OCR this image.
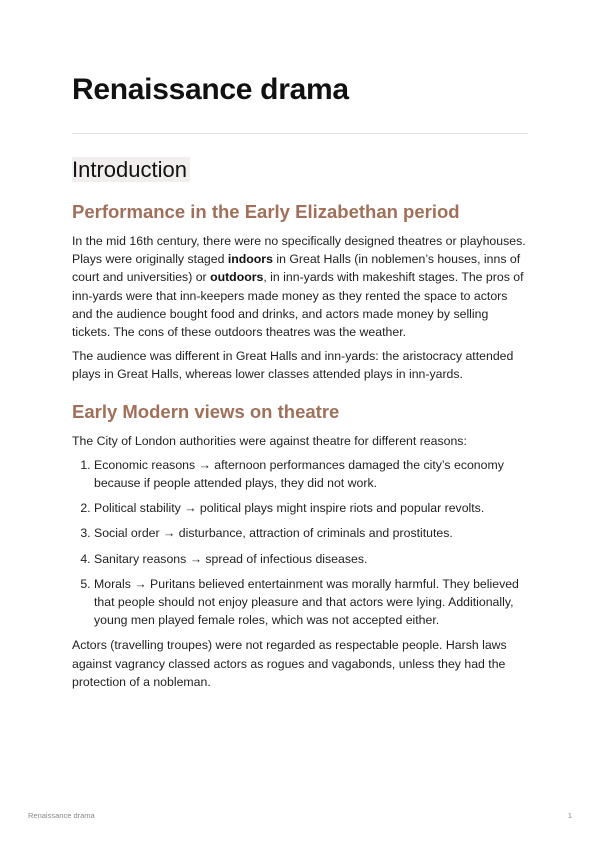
Renaissance drama
Introduction
Performance in the Early Elizabethan period

In the mid 16th century, there were no specifically designed theatres or playhouses. Plays were originally staged indoors in Great Halls (in noblemen’s houses, inns of court and universities) or outdoors, in inn-yards with makeshift stages. The pros of inn-yards were that inn-keepers made money as they rented the space to actors and the audience bought food and drinks, and actors made money by selling tickets. The cons of these outdoors theatres was the weather.

The audience was different in Great Halls and inn-yards: the aristocracy attended plays in Great Halls, whereas lower classes attended plays in inn-yards.

Early Modern views on theatre

The City of London authorities were against theatre for different reasons:

1. Economic reasons → afternoon performances damaged the city’s economy because if people attended plays, they did not work.
2. Political stability → political plays might inspire riots and popular revolts.
3. Social order → disturbance, attraction of criminals and prostitutes.
4. Sanitary reasons → spread of infectious diseases.
5. Morals → Puritans believed entertainment was morally harmful. They believed that people should not enjoy pleasure and that actors were lying. Additionally, young men played female roles, which was not accepted either.

Actors (travelling troupes) were not regarded as respectable people. Harsh laws against vagrancy classed actors as rogues and vagabonds, unless they had the protection of a nobleman.

Renaissance drama	1
